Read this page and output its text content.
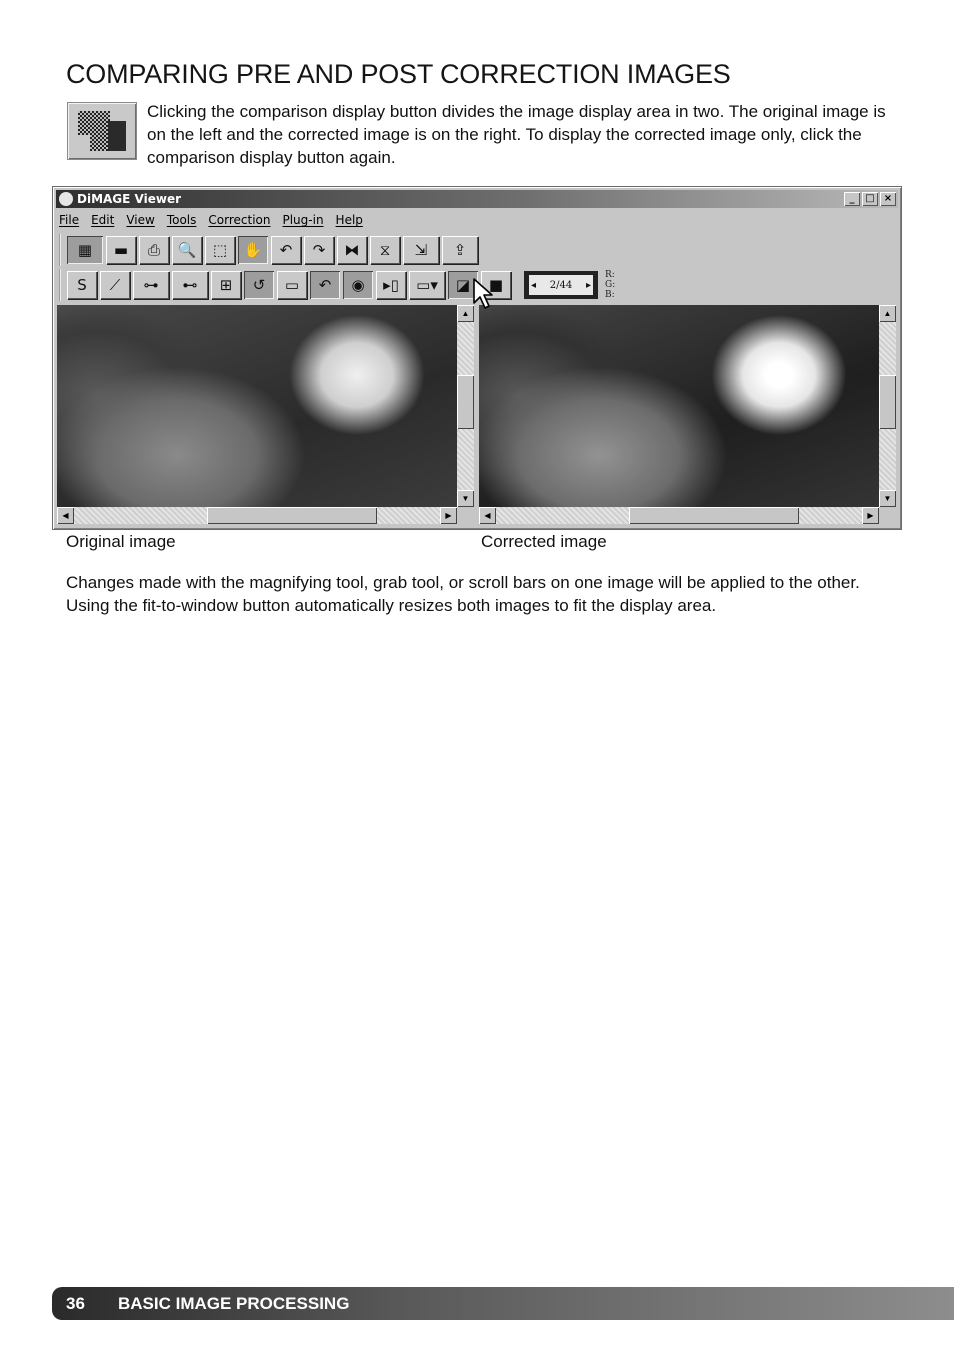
COMPARING PRE AND POST CORRECTION IMAGES
Clicking the comparison display button divides the image display area in two. The original image is on the left and the corrected image is on the right. To display the corrected image only, click the comparison display button again.
DiMAGE Viewer	_	□ ×
File Edit View Tools Correction Plug-in Help
▦ ▬ ⎙ 🔍 ⬚ ✋ ↶ ↷ ⧓ ⧖ ⇲ ⇪
S ⟋ ⊶ ⊷ ⊞ ↺ ▭ ↶ ◉ ▸▯ ▭▾ ◪ ■	◂ 2/44 ▸
R:
G:
B:
▲
▼
◀	▶
▲
▼
◀	▶
Original image	Corrected image
Changes made with the magnifying tool, grab tool, or scroll bars on one image will be applied to the other. Using the fit-to-window button automatically resizes both images to fit the display area.
36 BASIC IMAGE PROCESSING
